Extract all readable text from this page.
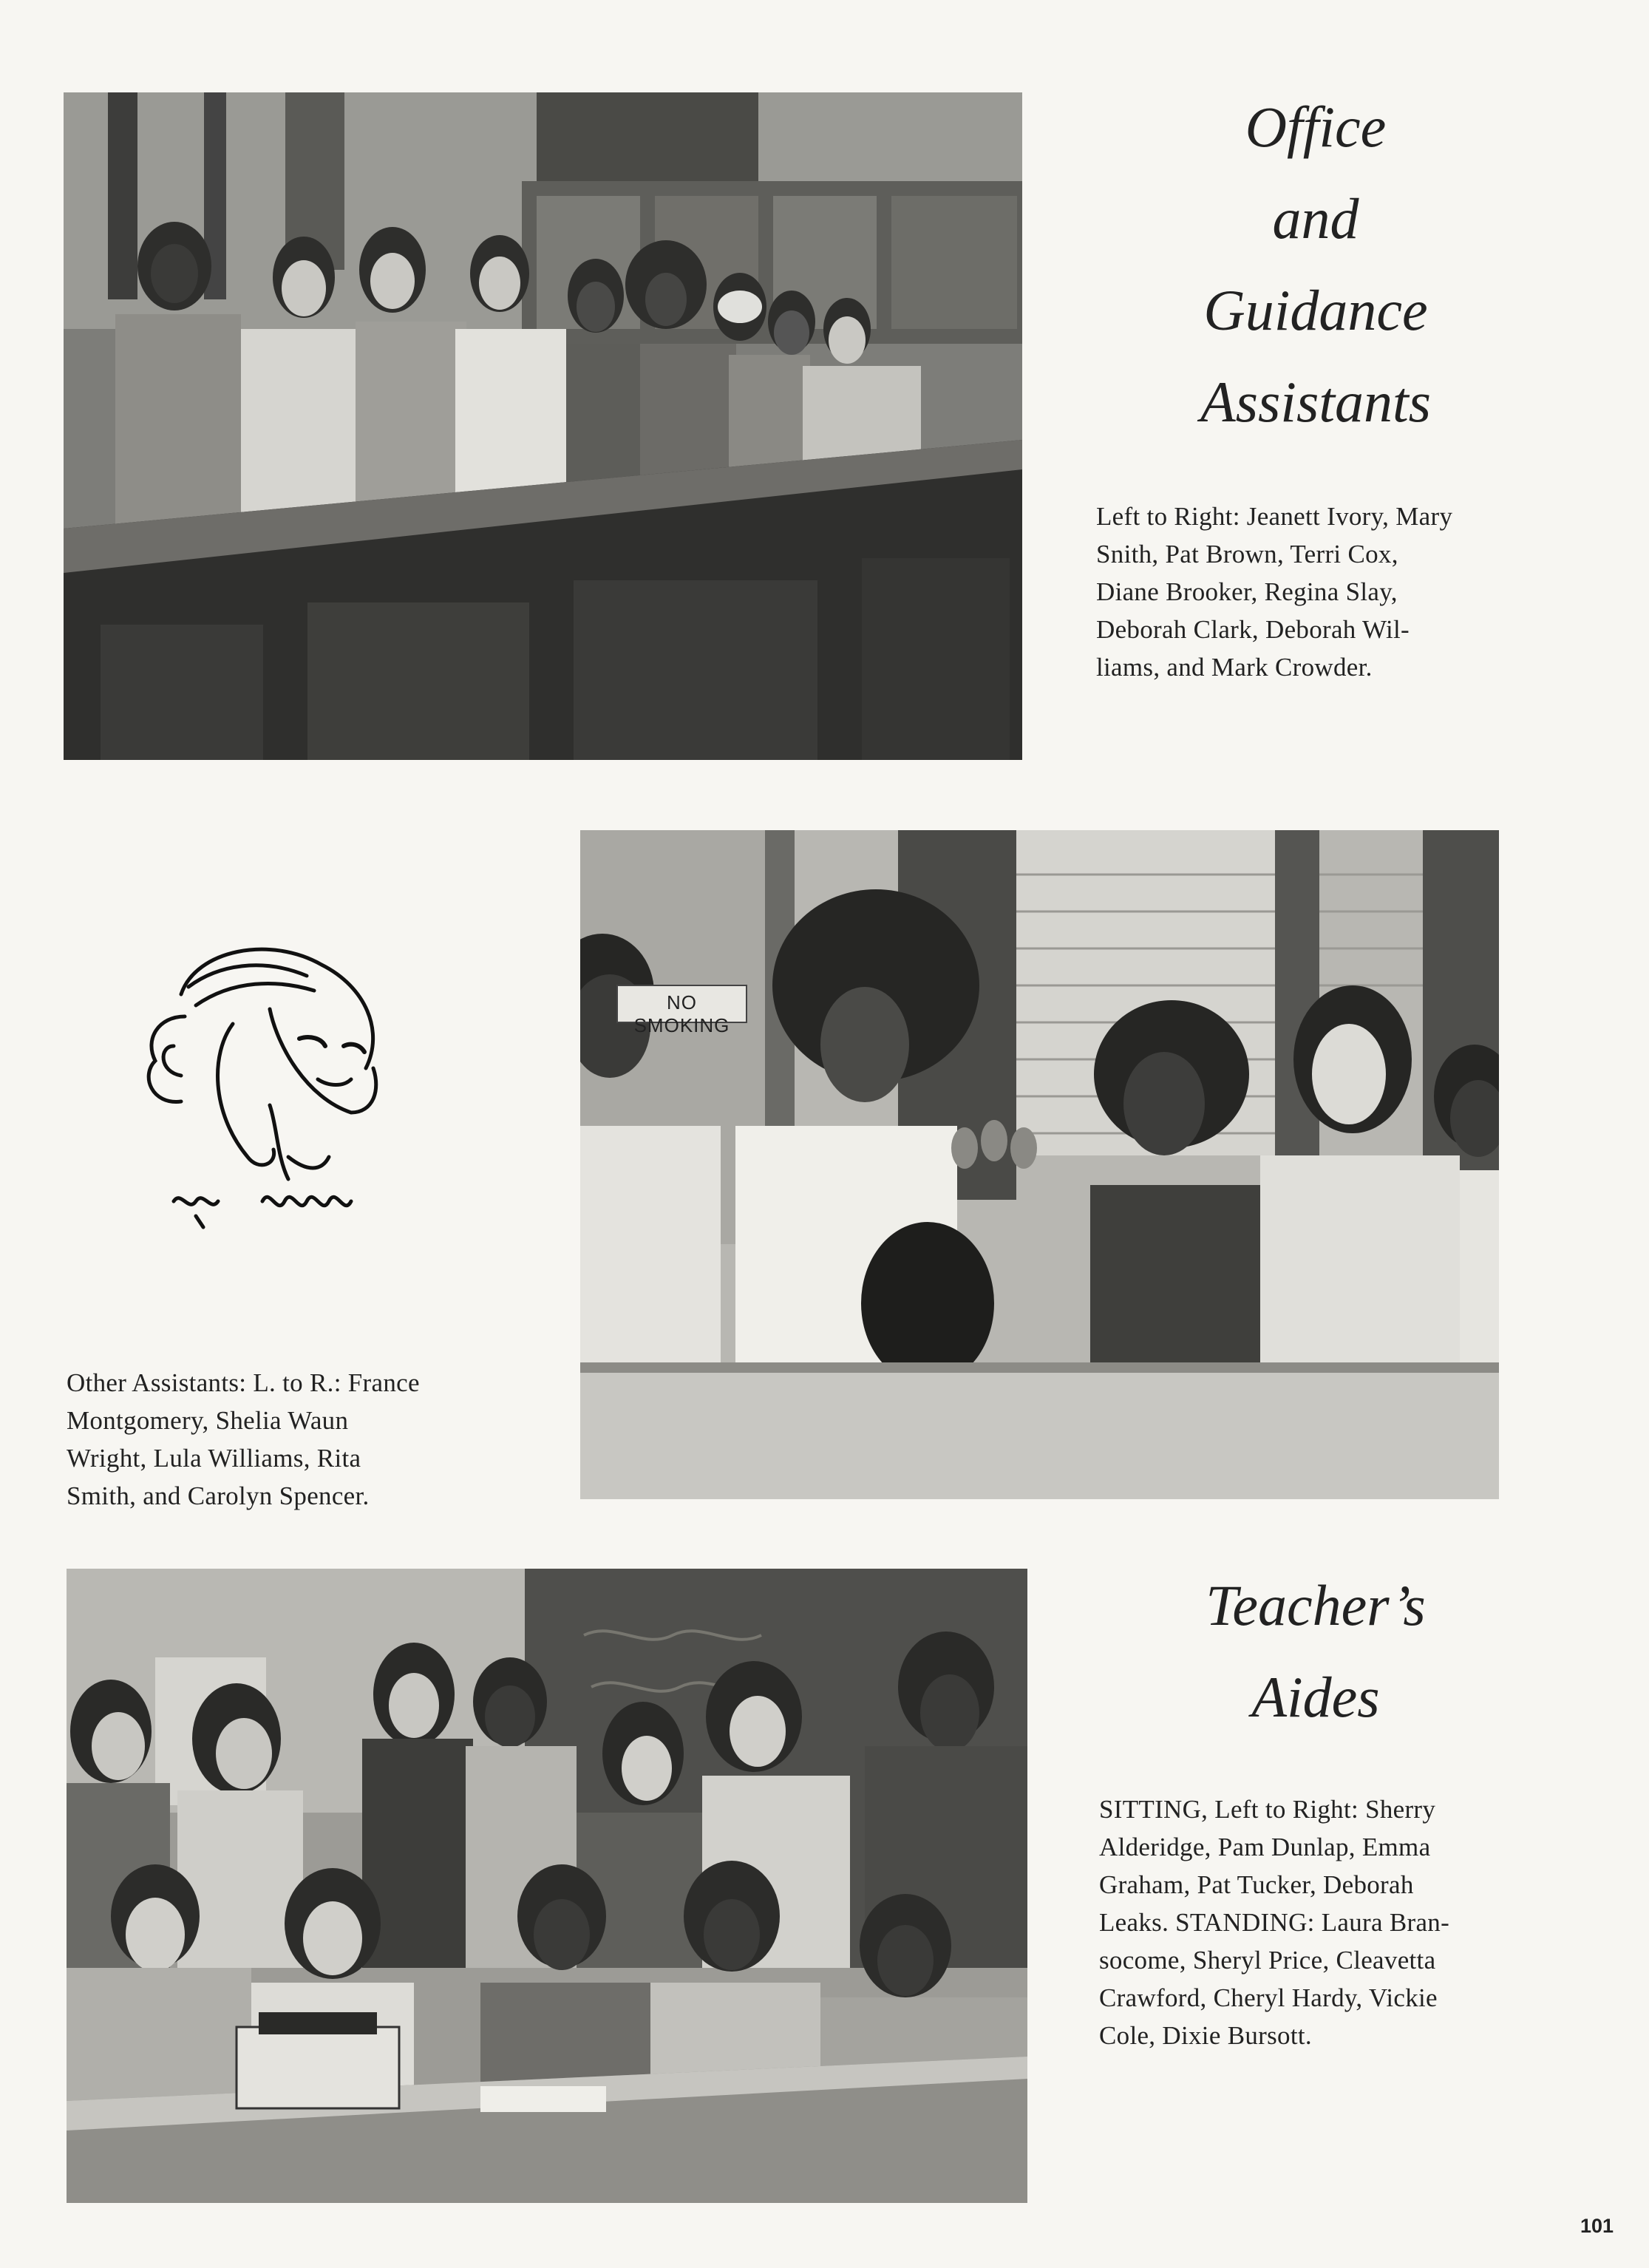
Office
and
Guidance
Assistants
Left to Right: Jeanett Ivory, Mary
Snith, Pat Brown, Terri Cox,
Diane Brooker, Regina Slay,
Deborah Clark, Deborah Wil-
liams, and Mark Crowder.
NO SMOKING
Other Assistants: L. to R.: France
Montgomery, Shelia Waun
Wright, Lula Williams, Rita
Smith, and Carolyn Spencer.
Teacher’s
Aides
SITTING, Left to Right: Sherry
Alderidge, Pam Dunlap, Emma
Graham, Pat Tucker, Deborah
Leaks. STANDING: Laura Bran-
socome, Sheryl Price, Cleavetta
Crawford, Cheryl Hardy, Vickie
Cole, Dixie Bursott.
101
